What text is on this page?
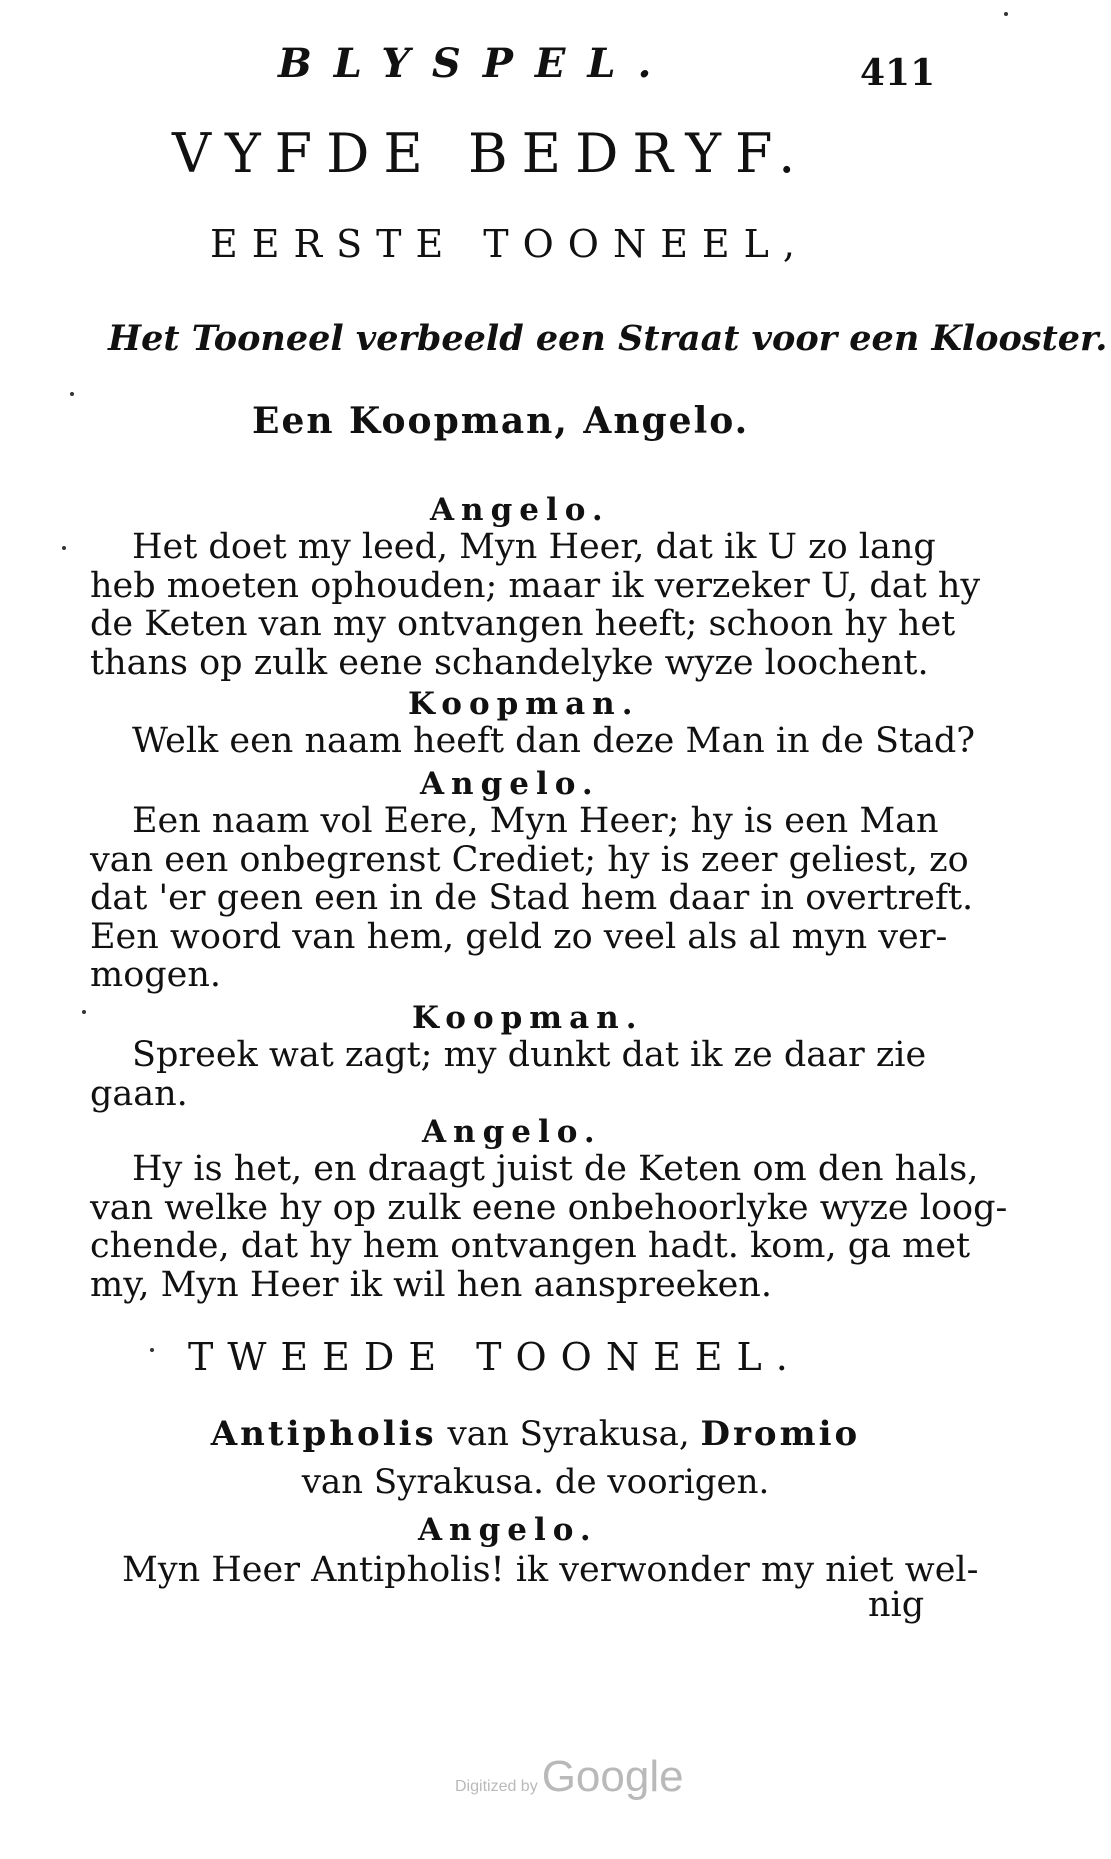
BLYSPEL.	411
VYFDE BEDRYF.
EERSTE TOONEEL,
Het Tooneel verbeeld een Straat voor een Klooster.
Een Koopman, Angelo.
Angelo.
Het doet my leed, Myn Heer, dat ik U zo lang
heb moeten ophouden; maar ik verzeker U, dat hy
de Keten van my ontvangen heeft; schoon hy het
thans op zulk eene schandelyke wyze loochent.
Koopman.
Welk een naam heeft dan deze Man in de Stad?
Angelo.
Een naam vol Eere, Myn Heer; hy is een Man
van een onbegrenst Crediet; hy is zeer geliest, zo
dat 'er geen een in de Stad hem daar in overtreft.
Een woord van hem, geld zo veel als al myn ver-
mogen.
Koopman.
Spreek wat zagt; my dunkt dat ik ze daar zie
gaan.
Angelo.
Hy is het, en draagt juist de Keten om den hals,
van welke hy op zulk eene onbehoorlyke wyze loog-
chende, dat hy hem ontvangen hadt. kom, ga met
my, Myn Heer ik wil hen aanspreeken.
TWEEDE TOONEEL.
Antipholis van Syrakusa, Dromio
van Syrakusa. de voorigen.
Angelo.
Myn Heer Antipholis! ik verwonder my niet wel-
nig
Digitized byGoogle
